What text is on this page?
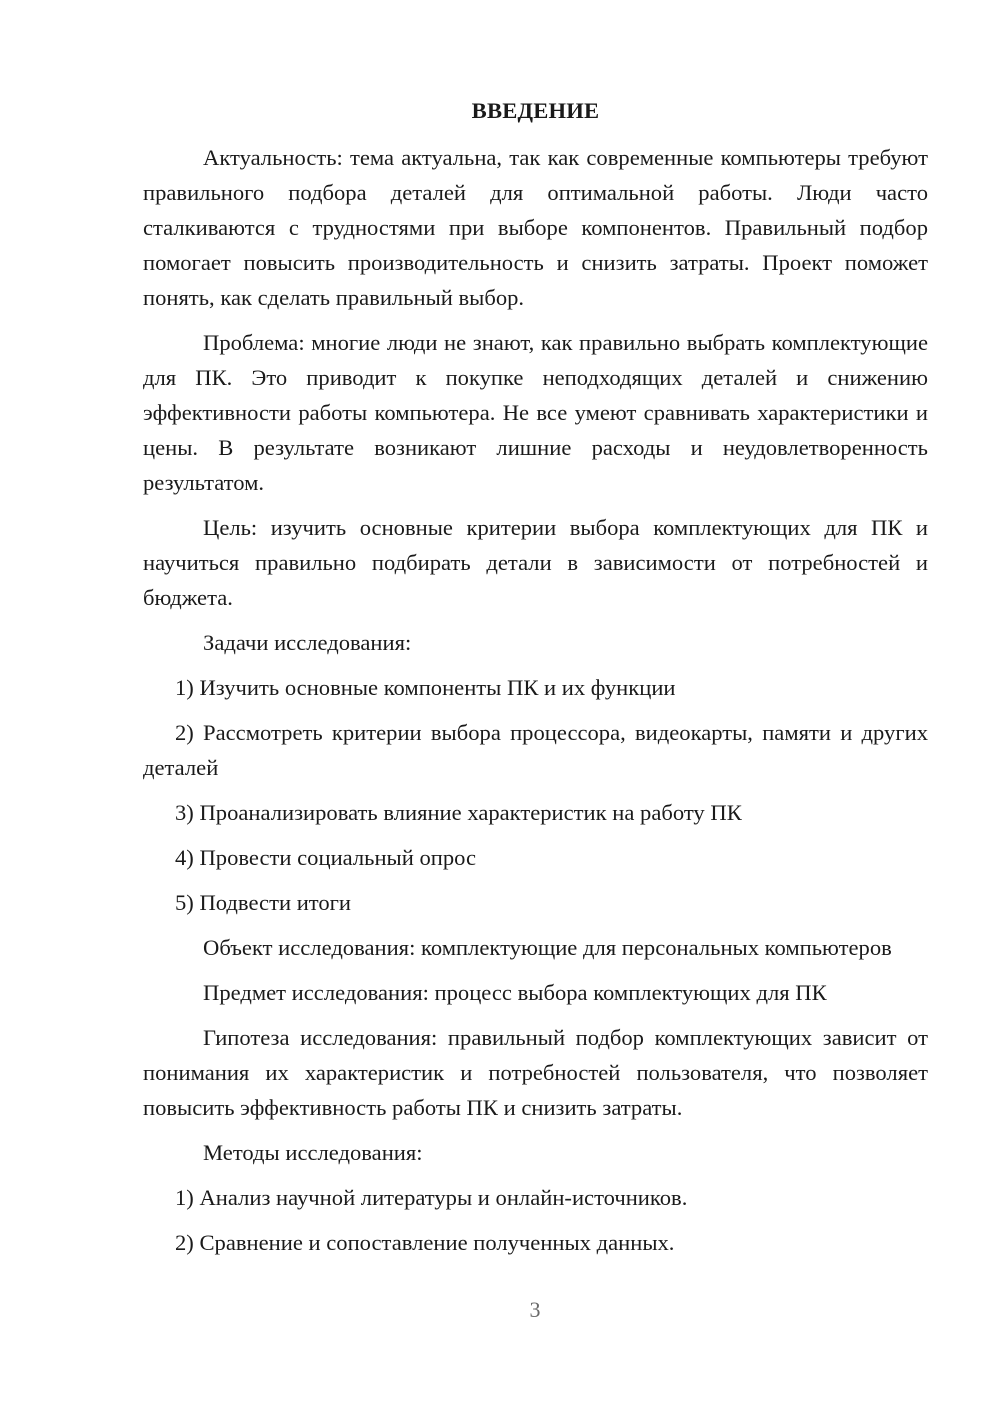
ВВЕДЕНИЕ
Актуальность: тема актуальна, так как современные компьютеры требуют правильного подбора деталей для оптимальной работы. Люди часто сталкиваются с трудностями при выборе компонентов. Правильный подбор помогает повысить производительность и снизить затраты. Проект поможет понять, как сделать правильный выбор.
Проблема: многие люди не знают, как правильно выбрать комплектующие для ПК. Это приводит к покупке неподходящих деталей и снижению эффективности работы компьютера. Не все умеют сравнивать характеристики и цены. В результате возникают лишние расходы и неудовлетворенность результатом.
Цель: изучить основные критерии выбора комплектующих для ПК и научиться правильно подбирать детали в зависимости от потребностей и бюджета.
Задачи исследования:
1) Изучить основные компоненты ПК и их функции
2) Рассмотреть критерии выбора процессора, видеокарты, памяти и других деталей
3) Проанализировать влияние характеристик на работу ПК
4) Провести социальный опрос
5) Подвести итоги
Объект исследования: комплектующие для персональных компьютеров
Предмет исследования: процесс выбора комплектующих для ПК
Гипотеза исследования: правильный подбор комплектующих зависит от понимания их характеристик и потребностей пользователя, что позволяет повысить эффективность работы ПК и снизить затраты.
Методы исследования:
1) Анализ научной литературы и онлайн-источников.
2) Сравнение и сопоставление полученных данных.
3
